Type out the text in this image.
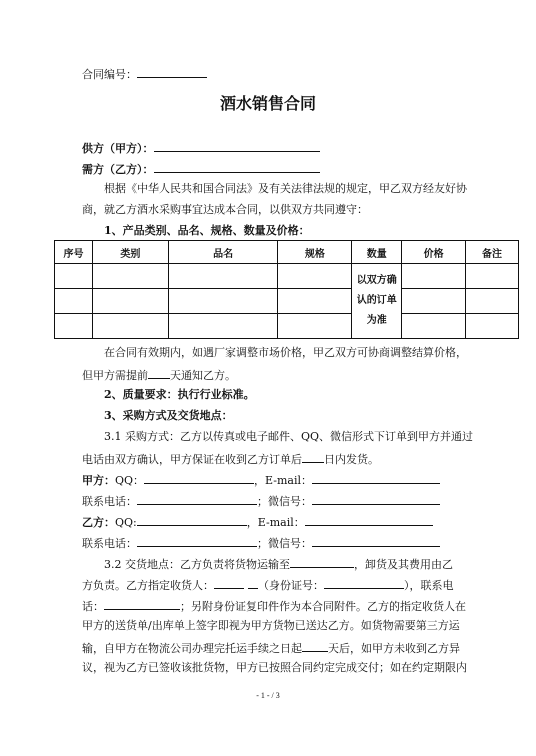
合同编号：
酒水销售合同
供方（甲方）：
需方（乙方）：
根据《中华人民共和国合同法》及有关法律法规的规定，甲乙双方经友好协
商，就乙方酒水采购事宜达成本合同，以供双方共同遵守：
1、产品类别、品名、规格、数量及价格：
序号	类别	品名	规格	数量	价格	备注

				以双方确
认的订单
为准		

在合同有效期内，如遇厂家调整市场价格，甲乙双方可协商调整结算价格，
但甲方需提前 天通知乙方。
2、质量要求：执行行业标准。
3、采购方式及交货地点：
3.1 采购方式：乙方以传真或电子邮件、QQ、微信形式下订单到甲方并通过
电话由双方确认，甲方保证在收到乙方订单后 日内发货。
甲方：QQ：	，E-mail：
联系电话：	；微信号：
乙方：QQ:	，E-mail：
联系电话：	；微信号：
3.2 交货地点：乙方负责将货物运输至	，卸货及其费用由乙
方负责。乙方指定收货人：	（身份证号：	），联系电
话：	；另附身份证复印件作为本合同附件。乙方的指定收货人在
甲方的送货单/出库单上签字即视为甲方货物已送达乙方。如货物需要第三方运
输，自甲方在物流公司办理完托运手续之日起 天后，如甲方未收到乙方异
议，视为乙方已签收该批货物，甲方已按照合同约定完成交付；如在约定期限内
- 1 - / 3
